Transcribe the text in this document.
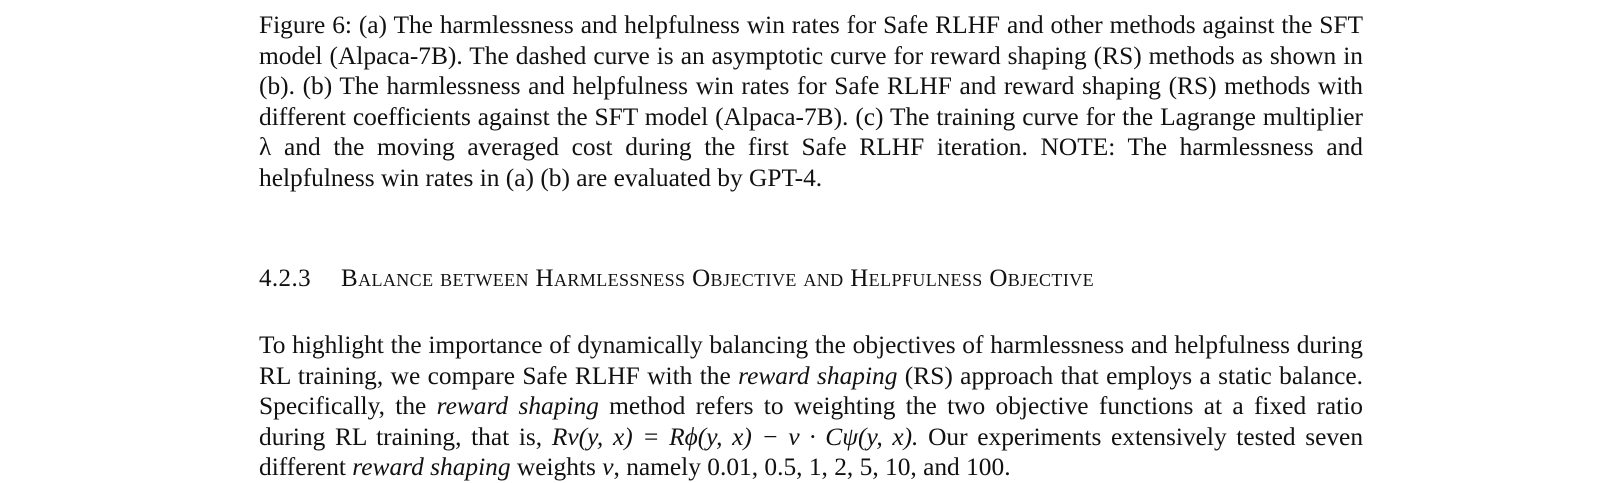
Figure 6: (a) The harmlessness and helpfulness win rates for Safe RLHF and other methods against the SFT model (Alpaca-7B). The dashed curve is an asymptotic curve for reward shaping (RS) methods as shown in (b). (b) The harmlessness and helpfulness win rates for Safe RLHF and reward shaping (RS) methods with different coefficients against the SFT model (Alpaca-7B). (c) The training curve for the Lagrange multiplier λ and the moving averaged cost during the first Safe RLHF iteration. NOTE: The harmlessness and helpfulness win rates in (a) (b) are evaluated by GPT-4.

4.2.3 Balance between Harmlessness Objective and Helpfulness Objective

To highlight the importance of dynamically balancing the objectives of harmlessness and helpfulness during RL training, we compare Safe RLHF with the reward shaping (RS) approach that employs a static balance. Specifically, the reward shaping method refers to weighting the two objective functions at a fixed ratio during RL training, that is, Rν(y, x) = Rϕ(y, x) − ν · Cψ(y, x). Our experiments extensively tested seven different reward shaping weights ν, namely 0.01, 0.5, 1, 2, 5, 10, and 100.
